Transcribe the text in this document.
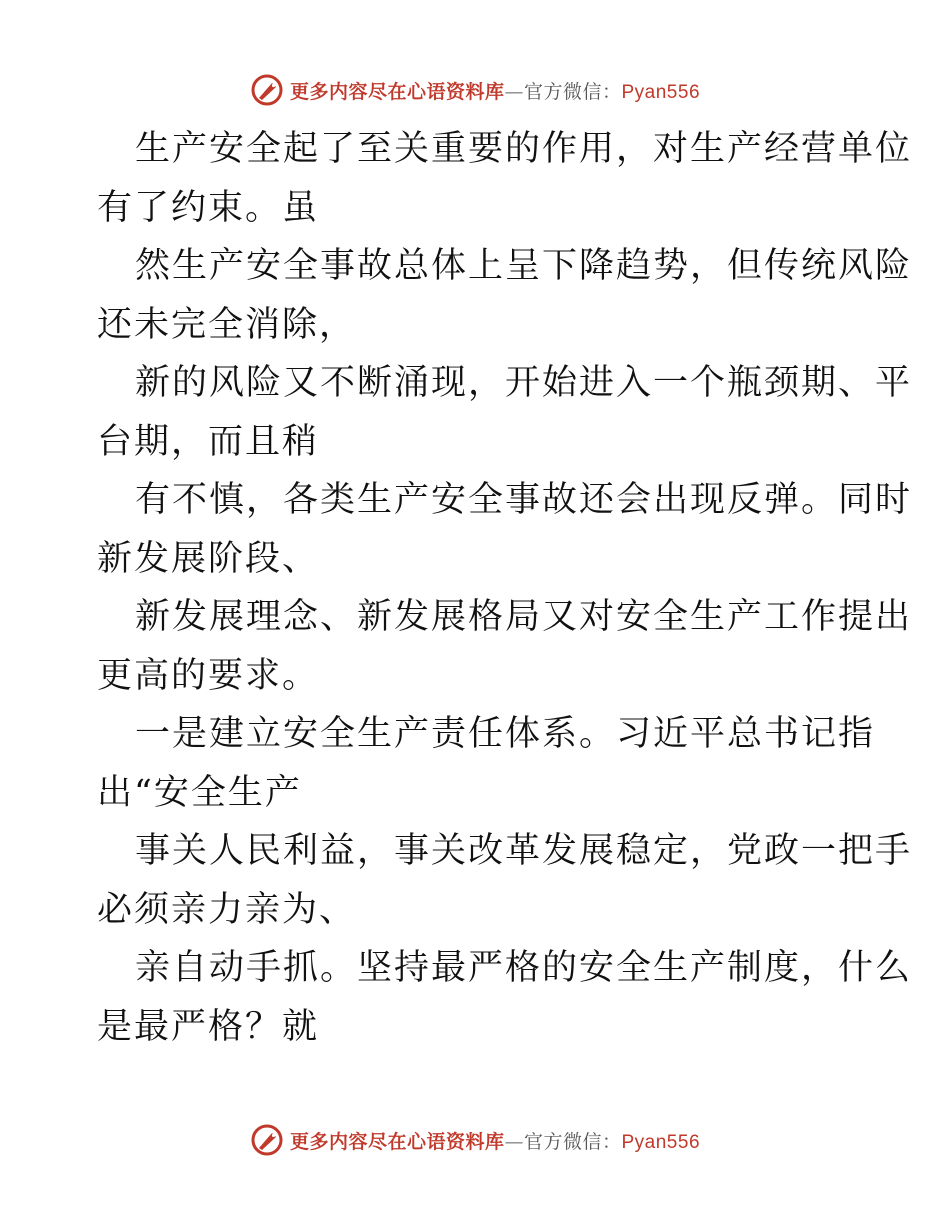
更多内容尽在心语资料库—官方微信：Pyan556
生产安全起了至关重要的作用，对生产经营单位
有了约束。虽
然生产安全事故总体上呈下降趋势，但传统风险
还未完全消除，
新的风险又不断涌现，开始进入一个瓶颈期、平
台期，而且稍
有不慎，各类生产安全事故还会出现反弹。同时
新发展阶段、
新发展理念、新发展格局又对安全生产工作提出
更高的要求。
一是建立安全生产责任体系。习近平总书记指
出“安全生产
事关人民利益，事关改革发展稳定，党政一把手
必须亲力亲为、
亲自动手抓。坚持最严格的安全生产制度，什么
是最严格？就
更多内容尽在心语资料库—官方微信：Pyan556
